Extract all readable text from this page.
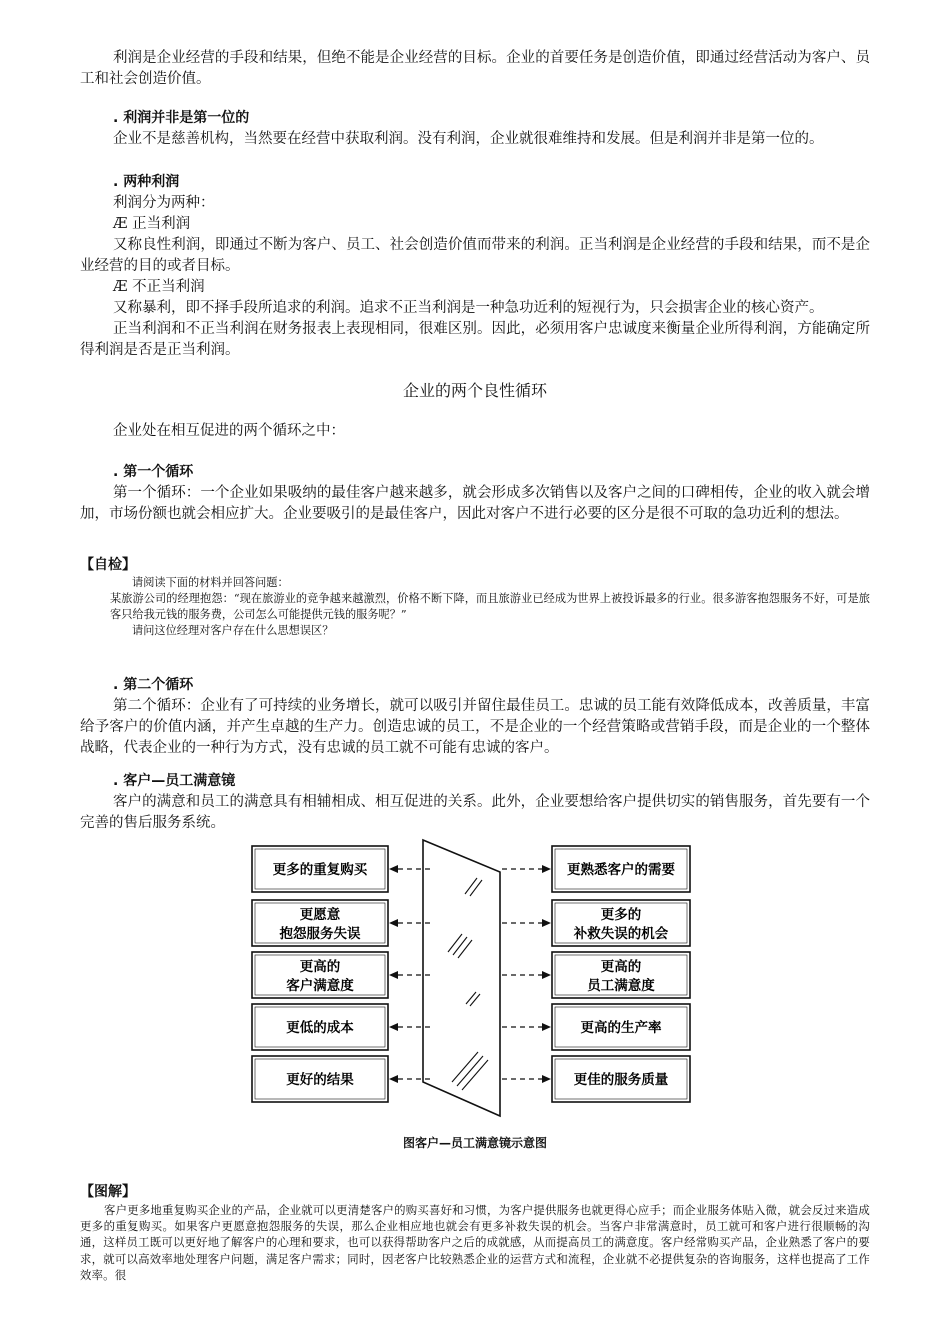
利润是企业经营的手段和结果，但绝不能是企业经营的目标。企业的首要任务是创造价值，即通过经营活动为客户、员工和社会创造价值。

. 利润并非是第一位的

企业不是慈善机构，当然要在经营中获取利润。没有利润，企业就很难维持和发展。但是利润并非是第一位的。

. 两种利润

利润分为两种：

Æ 正当利润

又称良性利润，即通过不断为客户、员工、社会创造价值而带来的利润。正当利润是企业经营的手段和结果，而不是企业经营的目的或者目标。

Æ 不正当利润

又称暴利，即不择手段所追求的利润。追求不正当利润是一种急功近利的短视行为，只会损害企业的核心资产。

正当利润和不正当利润在财务报表上表现相同，很难区别。因此，必须用客户忠诚度来衡量企业所得利润，方能确定所得利润是否是正当利润。

企业的两个良性循环

企业处在相互促进的两个循环之中：

. 第一个循环

第一个循环：一个企业如果吸纳的最佳客户越来越多，就会形成多次销售以及客户之间的口碑相传，企业的收入就会增加，市场份额也就会相应扩大。企业要吸引的是最佳客户，因此对客户不进行必要的区分是很不可取的急功近利的想法。

【自检】

请阅读下面的材料并回答问题：

某旅游公司的经理抱怨：“现在旅游业的竞争越来越激烈，价格不断下降，而且旅游业已经成为世界上被投诉最多的行业。很多游客抱怨服务不好，可是旅客只给我元钱的服务费，公司怎么可能提供元钱的服务呢？”

请问这位经理对客户存在什么思想误区？

. 第二个循环

第二个循环：企业有了可持续的业务增长，就可以吸引并留住最佳员工。忠诚的员工能有效降低成本，改善质量，丰富给予客户的价值内涵，并产生卓越的生产力。创造忠诚的员工，不是企业的一个经营策略或营销手段，而是企业的一个整体战略，代表企业的一种行为方式，没有忠诚的员工就不可能有忠诚的客户。

. 客户—员工满意镜

客户的满意和员工的满意具有相辅相成、相互促进的关系。此外，企业要想给客户提供切实的销售服务，首先要有一个完善的售后服务系统。

更多的重复购买
更愿意
抱怨服务失误
更高的
客户满意度
更低的成本
更好的结果
更熟悉客户的需要
更多的
补救失误的机会
更高的
员工满意度
更高的生产率
更佳的服务质量
图客户—员工满意镜示意图
【图解】

客户更多地重复购买企业的产品，企业就可以更清楚客户的购买喜好和习惯，为客户提供服务也就更得心应手；而企业服务体贴入微，就会反过来造成更多的重复购买。如果客户更愿意抱怨服务的失误，那么企业相应地也就会有更多补救失误的机会。当客户非常满意时，员工就可和客户进行很顺畅的沟通，这样员工既可以更好地了解客户的心理和要求，也可以获得帮助客户之后的成就感，从而提高员工的满意度。客户经常购买产品，企业熟悉了客户的要求，就可以高效率地处理客户问题，满足客户需求；同时，因老客户比较熟悉企业的运营方式和流程，企业就不必提供复杂的咨询服务，这样也提高了工作效率。很
